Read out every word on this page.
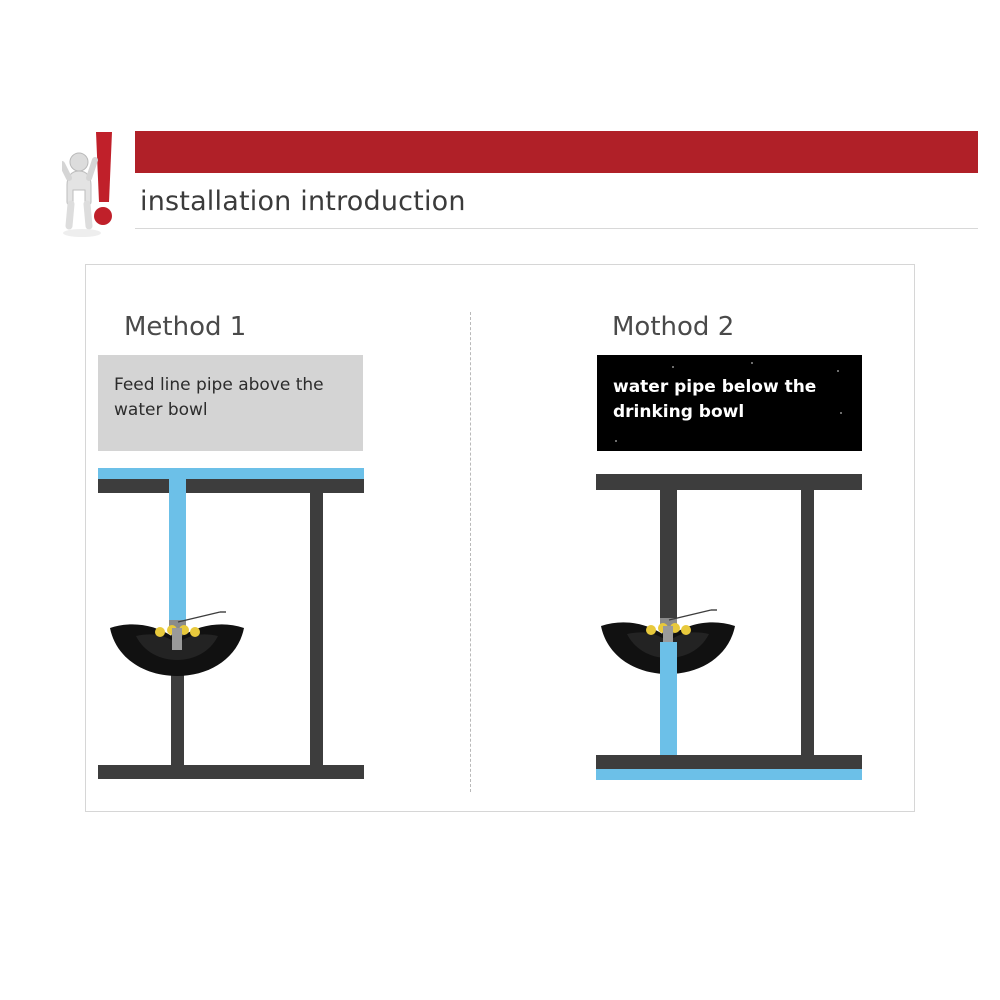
installation introduction
Method 1
Feed line pipe above the water bowl
Mothod 2
water pipe below the drinking bowl
